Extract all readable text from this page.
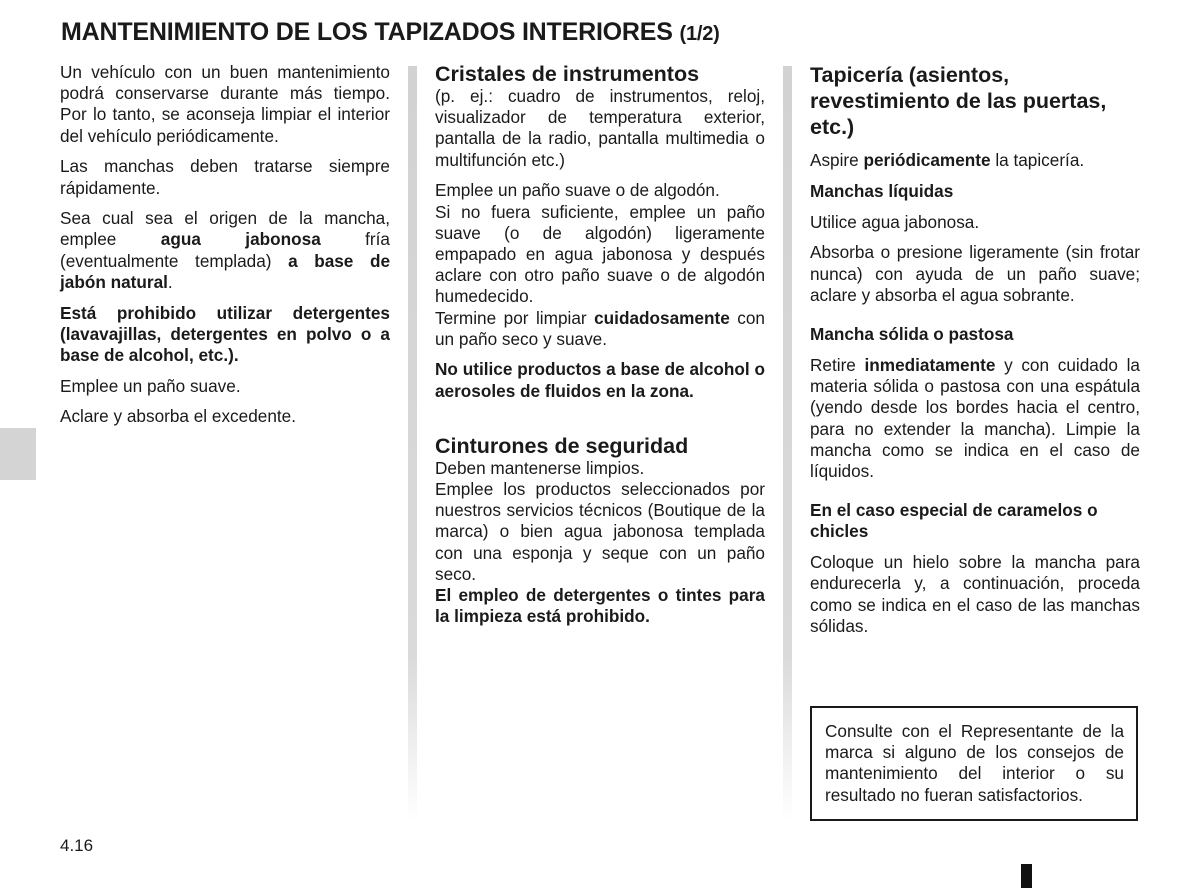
MANTENIMIENTO DE LOS TAPIZADOS INTERIORES (1/2)

Un vehículo con un buen mantenimiento podrá conservarse durante más tiempo. Por lo tanto, se aconseja limpiar el interior del vehículo periódicamente.

Las manchas deben tratarse siempre rápidamente.

Sea cual sea el origen de la mancha, emplee agua jabonosa fría (eventualmente templada) a base de jabón natural.

Está prohibido utilizar detergentes (lavavajillas, detergentes en polvo o a base de alcohol, etc.).

Emplee un paño suave.

Aclare y absorba el excedente.

Cristales de instrumentos

(p. ej.: cuadro de instrumentos, reloj, visualizador de temperatura exterior, pantalla de la radio, pantalla multimedia o multifunción etc.)

Emplee un paño suave o de algodón.

Si no fuera suficiente, emplee un paño suave (o de algodón) ligeramente empapado en agua jabonosa y después aclare con otro paño suave o de algodón humedecido.

Termine por limpiar cuidadosamente con un paño seco y suave.

No utilice productos a base de alcohol o aerosoles de fluidos en la zona.

Cinturones de seguridad

Deben mantenerse limpios.

Emplee los productos seleccionados por nuestros servicios técnicos (Boutique de la marca) o bien agua jabonosa templada con una esponja y seque con un paño seco.

El empleo de detergentes o tintes para la limpieza está prohibido.

Tapicería (asientos, revestimiento de las puertas, etc.)

Aspire periódicamente la tapicería.

Manchas líquidas

Utilice agua jabonosa.

Absorba o presione ligeramente (sin frotar nunca) con ayuda de un paño suave; aclare y absorba el agua sobrante.

Mancha sólida o pastosa

Retire inmediatamente y con cuidado la materia sólida o pastosa con una espátula (yendo desde los bordes hacia el centro, para no extender la mancha). Limpie la mancha como se indica en el caso de líquidos.

En el caso especial de caramelos o chicles

Coloque un hielo sobre la mancha para endurecerla y, a continuación, proceda como se indica en el caso de las manchas sólidas.

Consulte con el Representante de la marca si alguno de los consejos de mantenimiento del interior o su resultado no fueran satisfactorios.
4.16
